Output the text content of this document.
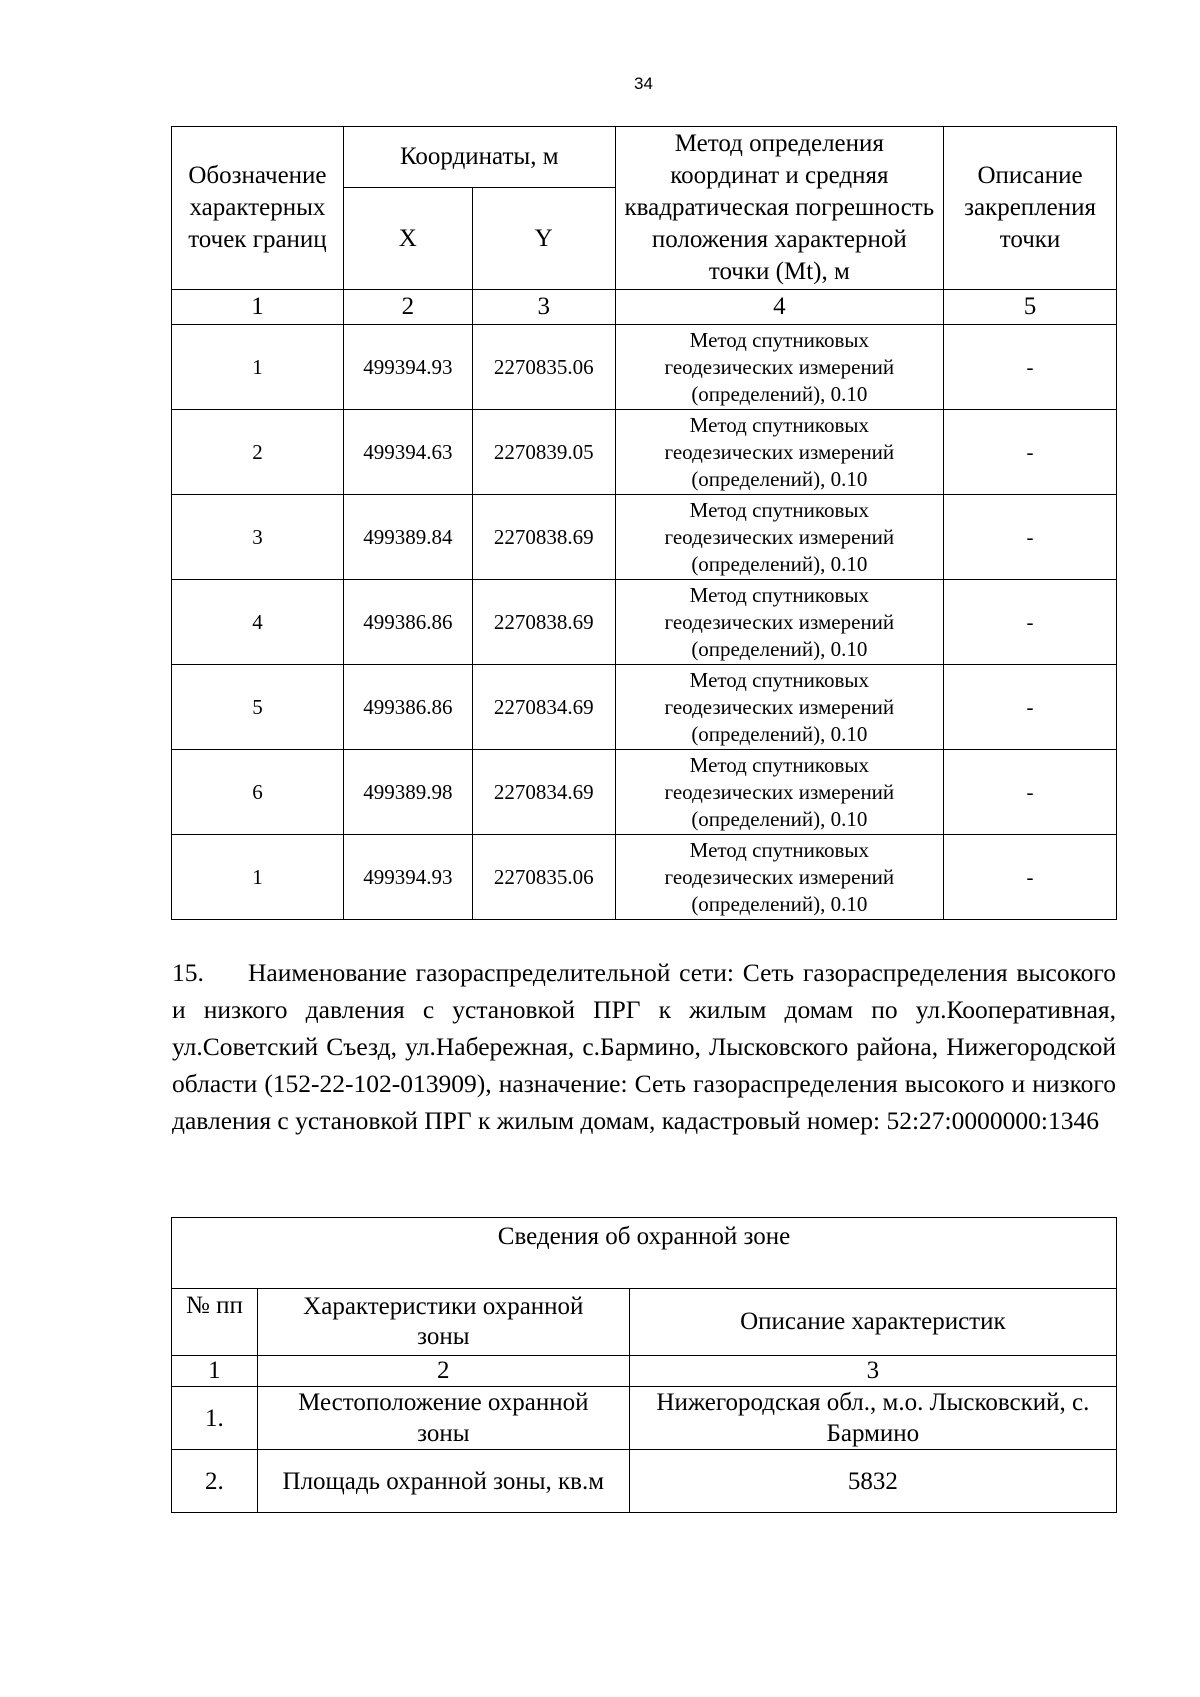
34
Обозначение характерных точек границ	Координаты, м		Метод определения координат и средняя квадратическая погрешность положения характерной точки (Mt), м	Описание закрепления точки
	X	Y		
1	2	3	4	5
1	499394.93	2270835.06	Метод спутниковых геодезических измерений (определений), 0.10	-
2	499394.63	2270839.05	Метод спутниковых геодезических измерений (определений), 0.10	-
3	499389.84	2270838.69	Метод спутниковых геодезических измерений (определений), 0.10	-
4	499386.86	2270838.69	Метод спутниковых геодезических измерений (определений), 0.10	-
5	499386.86	2270834.69	Метод спутниковых геодезических измерений (определений), 0.10	-
6	499389.98	2270834.69	Метод спутниковых геодезических измерений (определений), 0.10	-
1	499394.93	2270835.06	Метод спутниковых геодезических измерений (определений), 0.10	-
15. Наименование газораспределительной сети: Сеть газораспределения высокого и низкого давления с установкой ПРГ к жилым домам по ул.Кооперативная, ул.Советский Съезд, ул.Набережная, с.Бармино, Лысковского района, Нижегородской области (152-22-102-013909), назначение: Сеть газораспределения высокого и низкого давления с установкой ПРГ к жилым домам, кадастровый номер: 52:27:0000000:1346
Сведения об охранной зоне		
№ пп	Характеристики охранной зоны	Описание характеристик
1	2	3
1.	Местоположение охранной зоны	Нижегородская обл., м.о. Лысковский, с. Бармино
2.	Площадь охранной зоны, кв.м	5832
